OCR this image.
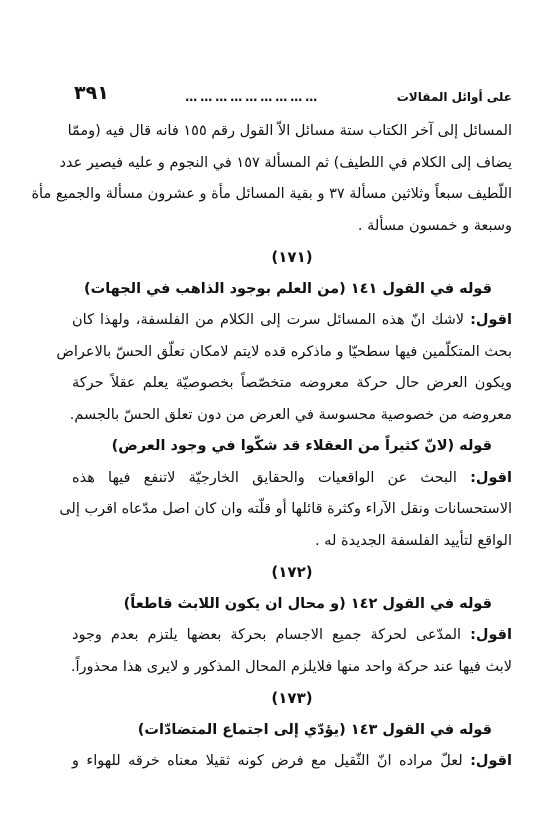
على أوائل المقالات
………………………
٣٩١
المسائل إلى آخر الكتاب ستة مسائل الاّ القول رقم ١٥٥ فانه قال فيه (وممّا
يضاف إلى الكلام في اللطيف) ثم المسألة ١٥٧ في النجوم و عليه فيصير عدد
اللّطيف سبعاً وثلاثين مسألة ٣٧ و بقية المسائل مأة و عشرون مسألة والجميع مأة
وسبعة و خمسون مسألة .
(١٧١)
قوله في القول ١٤١ (من العلم بوجود الذاهب في الجهات)
اقول: لاشك انّ هذه المسائل سرت إلى الكلام من الفلسفة، ولهذا كان
بحث المتكلّمين فيها سطحيّا و ماذكره قده لايتم لامكان تعلّق الحسّ بالاعراض
ويكون العرض حال حركة معروضه متخصّصاً بخصوصيّة يعلم عقلاً حركة
معروضه من خصوصية محسوسة في العرض من دون تعلق الحسّ بالجسم.
قوله (لانّ كثيراً من العقلاء قد شكّوا في وجود العرض)
اقول: البحث عن الواقعيات والحقايق الخارجيّة لاتنفع فيها هذه
الاستحسانات ونقل الآراء وكثرة قائلها أو قلّته وان كان اصل مدّعاه اقرب إلى
الواقع لتأييد الفلسفة الجديدة له .
(١٧٢)
قوله في القول ١٤٢ (و محال ان يكون اللابث قاطعاً)
اقول: المدّعى لحركة جميع الاجسام بحركة بعضها يلتزم بعدم وجود
لابث فيها عند حركة واحد منها فلايلزم المحال المذكور و لايرى هذا محذوراً.
(١٧٣)
قوله في القول ١٤٣ (يؤدّي إلى اجتماع المتضادّات)
اقول: لعلّ مراده انّ الثّقيل مع فرض كونه ثقيلا معناه خرقه للهواء و
